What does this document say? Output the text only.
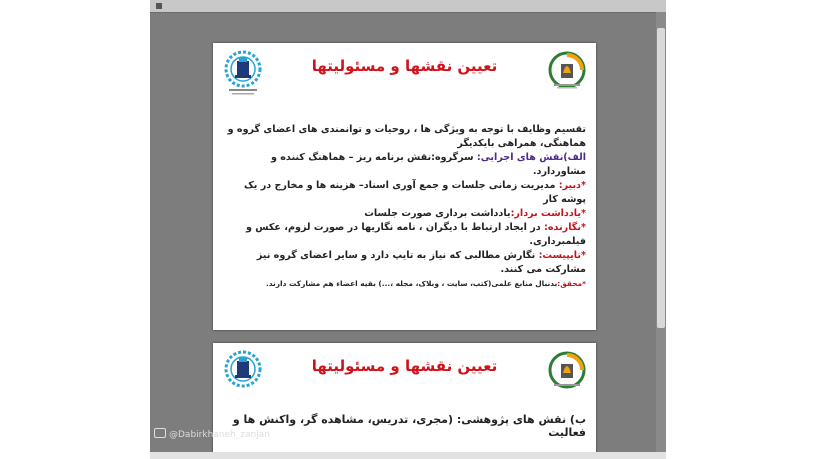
تعیین نقشها و مسئولیتها

تقسیم وظایف با توجه به ویژگی ها ، روحیات و توانمندی های اعضای گروه و هماهنگی، همراهی بایکدیگر

الف)نقش های اجرایی: سرگروه:نقش برنامه ریز – هماهنگ کننده و مشاوردارد.

*دبیر: مدیریت زمانی جلسات و جمع آوری اسناد– هزینه ها و مخارج در یک پوشه کار

*یادداشت بردار:یادداشت برداری صورت جلسات

*نگارنده: در ایجاد ارتباط با دیگران ، نامه نگاریها در صورت لزوم، عکس و فیلمبرداری.

*تایپیست: نگارش مطالبی که نیاز به تایپ دارد و سایر اعضای گروه نیز مشارکت می کنند.

*محقق:بدنبال منابع علمی(کتب، سایت ، وبلاک، مجله ،...) بقیه اعضاء هم مشارکت دارند.

تعیین نقشها و مسئولیتها
ب) نقش های پژوهشی: (مجری، تدریس، مشاهده گر، واکنش ها و فعالیت
@Dabirkhaneh_zanjan
